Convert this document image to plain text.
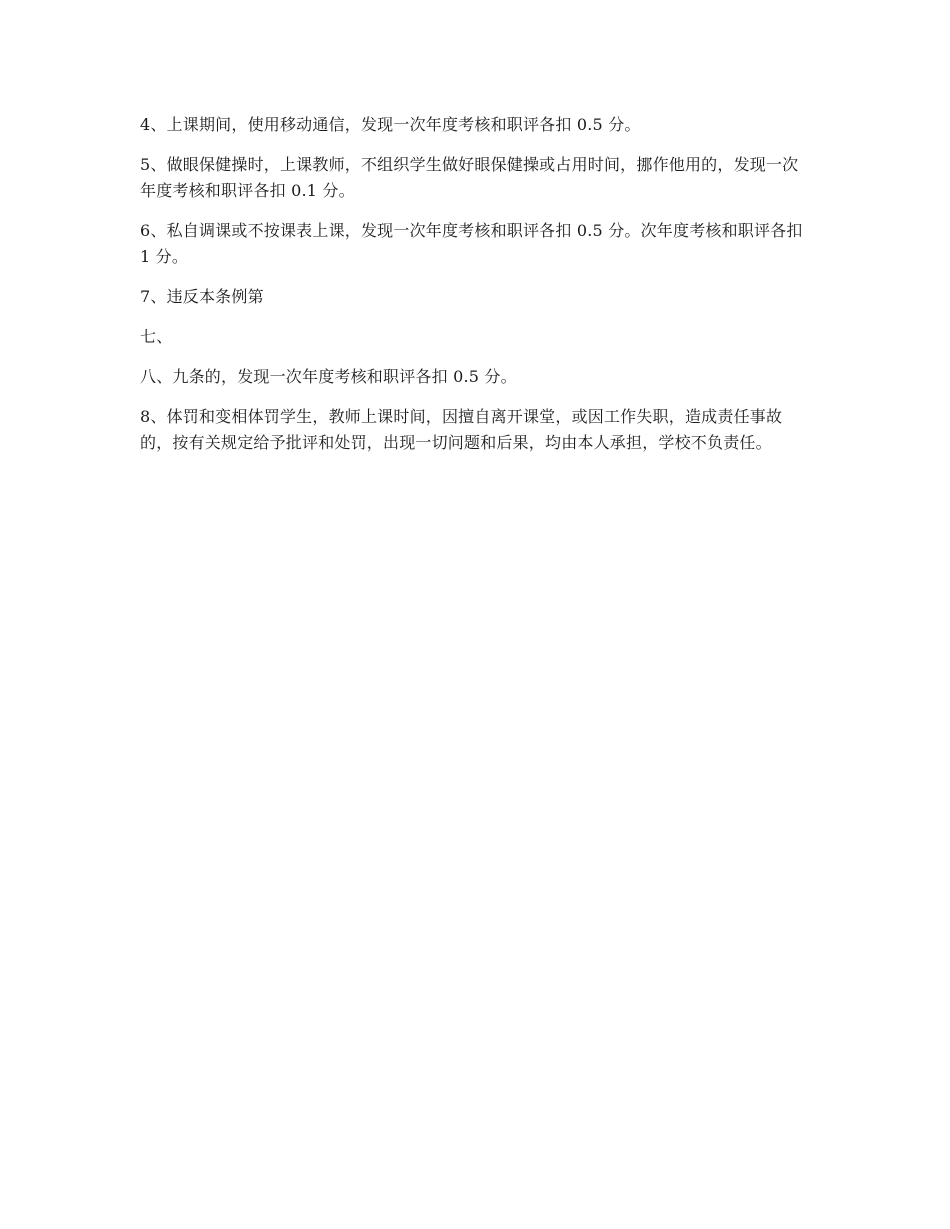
4、上课期间，使用移动通信，发现一次年度考核和职评各扣 0.5 分。

5、做眼保健操时，上课教师，不组织学生做好眼保健操或占用时间，挪作他用的，发现一次年度考核和职评各扣 0.1 分。

6、私自调课或不按课表上课，发现一次年度考核和职评各扣 0.5 分。次年度考核和职评各扣 1 分。

7、违反本条例第

七、

八、九条的，发现一次年度考核和职评各扣 0.5 分。

8、体罚和变相体罚学生，教师上课时间，因擅自离开课堂，或因工作失职，造成责任事故的，按有关规定给予批评和处罚，出现一切问题和后果，均由本人承担，学校不负责任。
